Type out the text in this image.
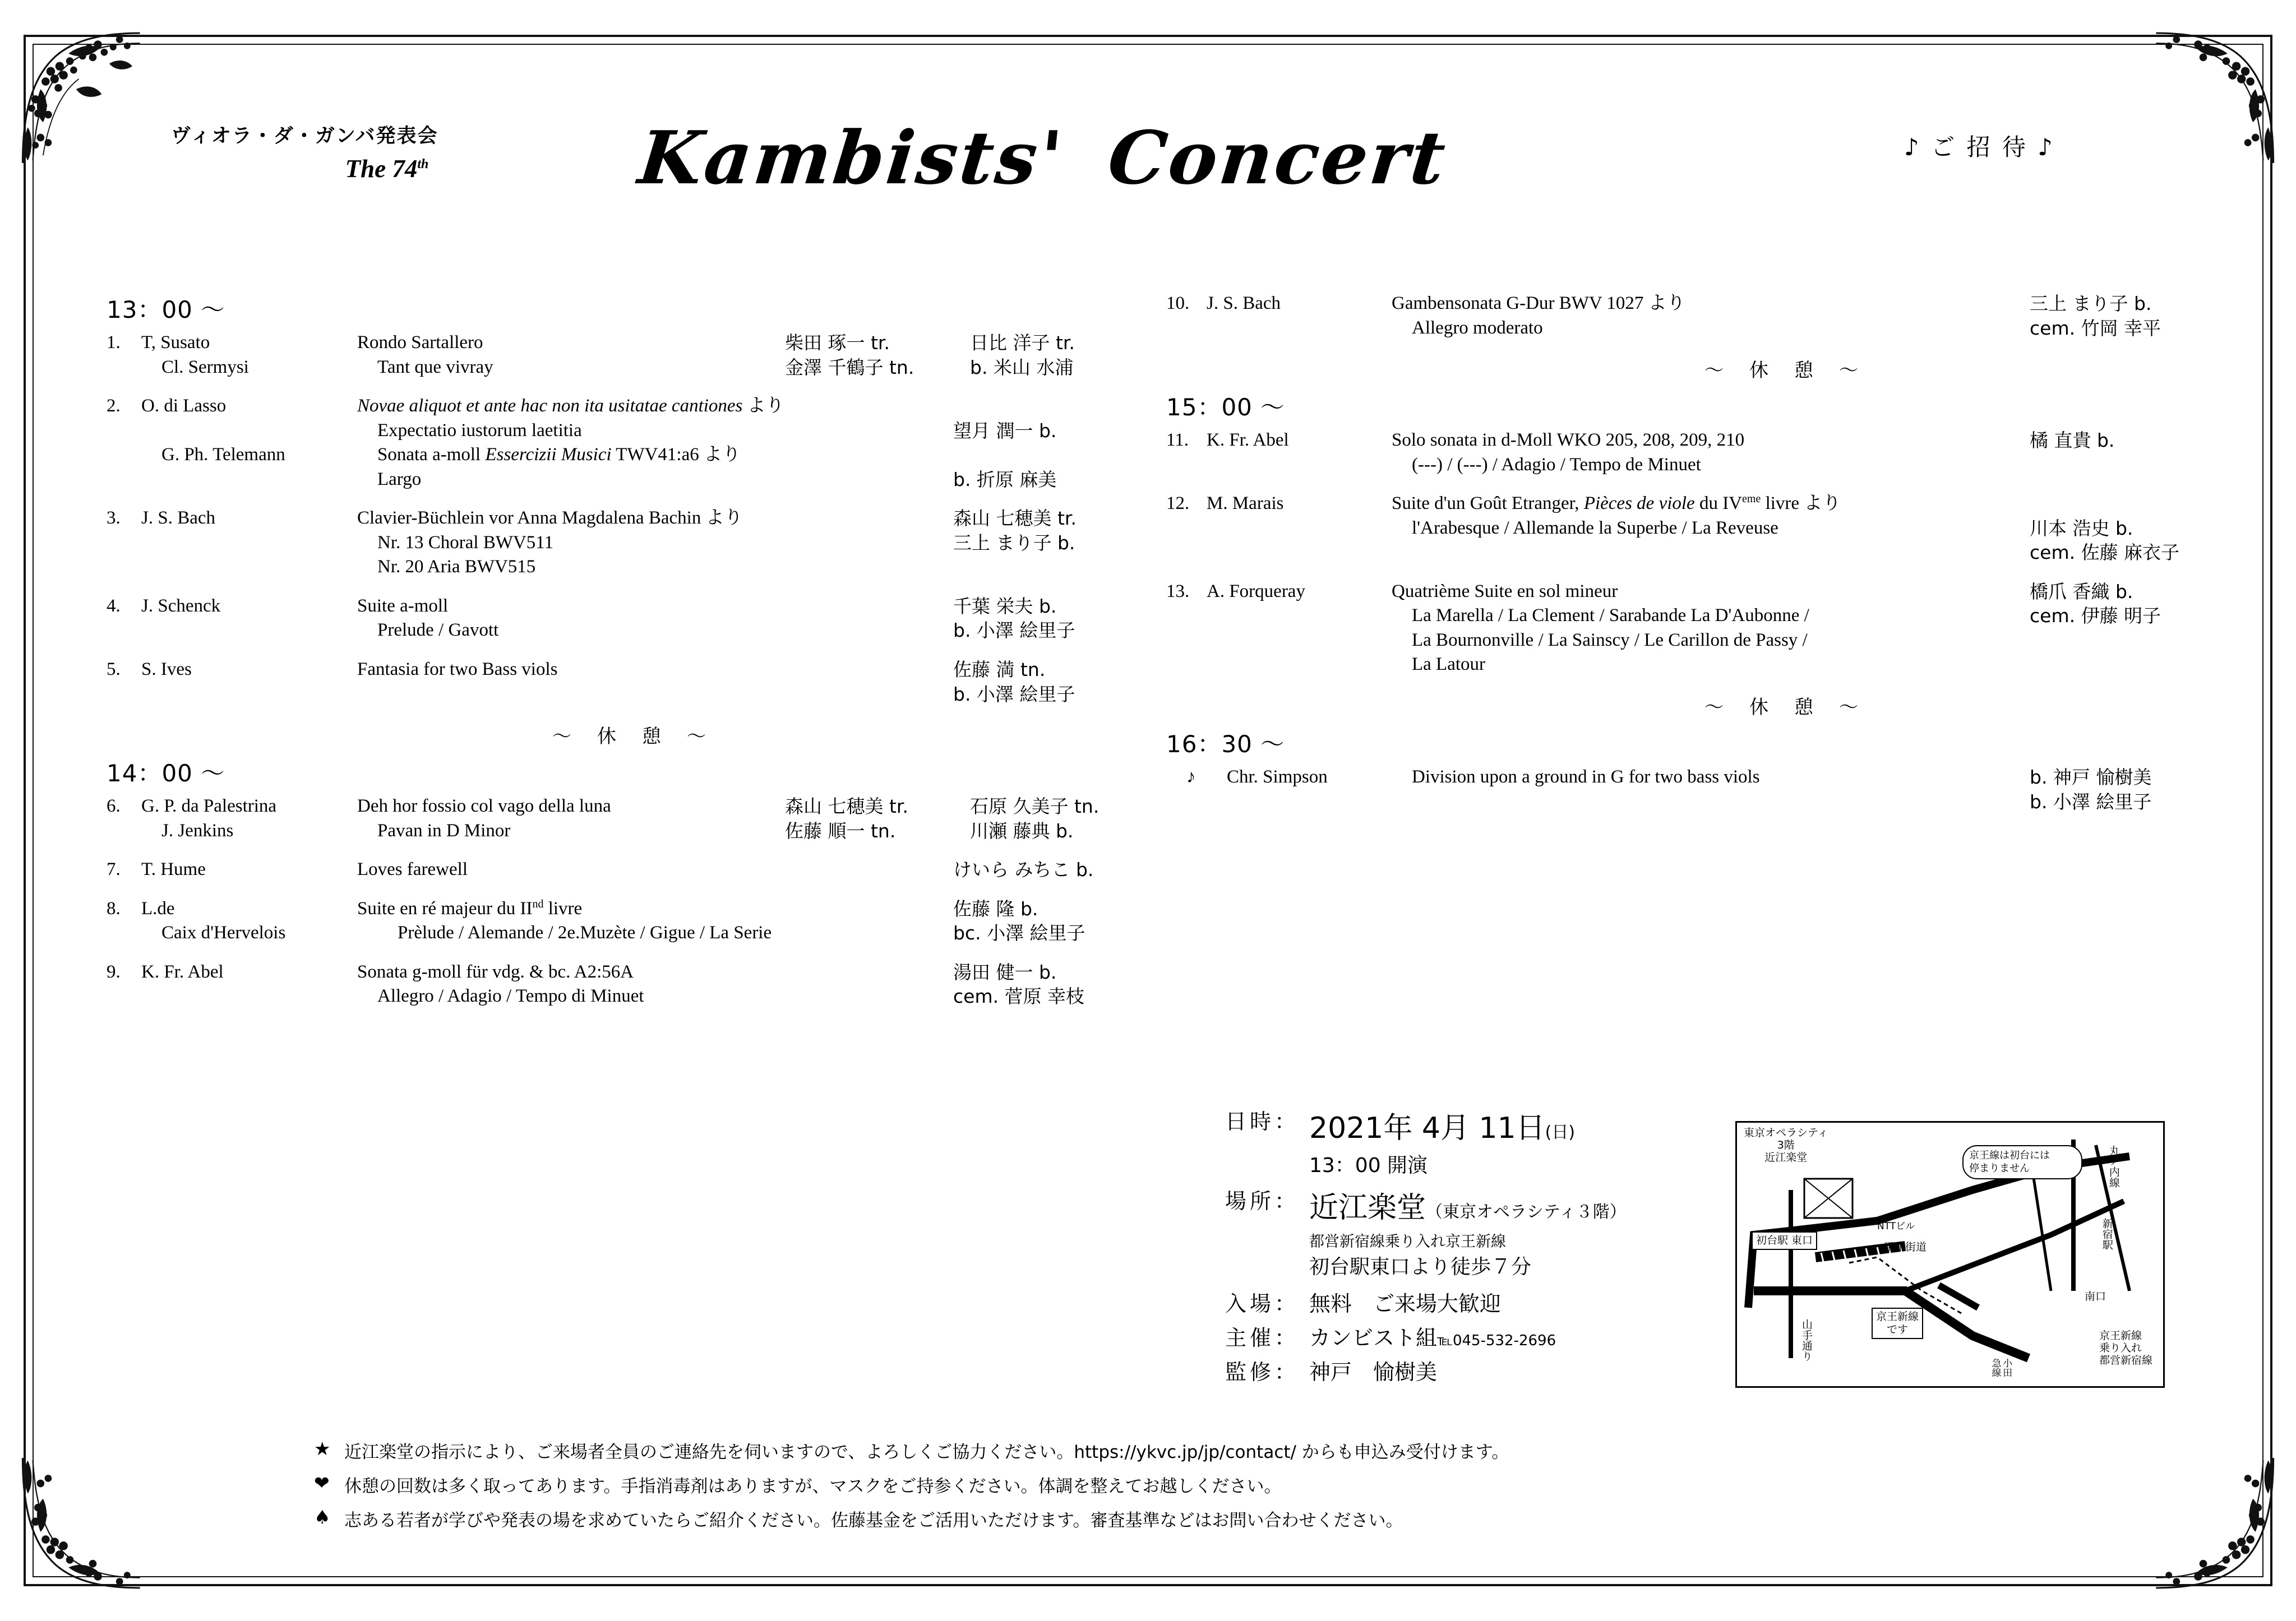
ヴィオラ・ダ・ガンバ発表会
The 74th	Kambists' Concert	♪ ご 招 待 ♪
13：00 ～
1.	T, Susato	Rondo Sartallero	柴田 琢一 tr.	日比 洋子 tr.
Cl. Sermysi	Tant que vivray	金澤 千鶴子 tn.	b. 米山 水浦
2.	O. di Lasso	Novae aliquot et ante hac non ita usitatae cantiones より
Expectatio iustorum laetitia	望月 潤一 b.
G. Ph. Telemann	Sonata a-moll Essercizii Musici TWV41:a6 より
Largo	b. 折原 麻美
3.	J. S. Bach	Clavier-Büchlein vor Anna Magdalena Bachin より	森山 七穂美 tr.
Nr. 13 Choral BWV511	三上 まり子 b.
Nr. 20 Aria BWV515
4.	J. Schenck	Suite a-moll	千葉 栄夫 b.
Prelude / Gavott	b. 小澤 絵里子
5.	S. Ives	Fantasia for two Bass viols	佐藤 満 tn.
b. 小澤 絵里子
～　休　憩　～
14：00 ～
6.	G. P. da Palestrina	Deh hor fossio col vago della luna	森山 七穂美 tr.	石原 久美子 tn.
J. Jenkins	Pavan in D Minor	佐藤 順一 tn.	川瀬 藤典 b.
7.	T. Hume	Loves farewell	けいら みちこ b.
8.	L.de	Suite en ré majeur du IInd livre	佐藤 隆 b.
Caix d'Hervelois	Prèlude / Alemande / 2e.Muzète / Gigue / La Serie	bc. 小澤 絵里子
9.	K. Fr. Abel	Sonata g-moll für vdg. & bc. A2:56A	湯田 健一 b.
Allegro / Adagio / Tempo di Minuet	cem. 菅原 幸枝
10. J. S. Bach	Gambensonata G-Dur BWV 1027 より	三上 まり子 b.
Allegro moderato	cem. 竹岡 幸平
～　休　憩　～
15：00 ～
11. K. Fr. Abel	Solo sonata in d-Moll WKO 205, 208, 209, 210	橘 直貴 b.
(---) / (---) / Adagio / Tempo de Minuet
12. M. Marais	Suite d'un Goût Etranger, Pièces de viole du IVeme livre より
l'Arabesque / Allemande la Superbe / La Reveuse	川本 浩史 b.
cem. 佐藤 麻衣子
13. A. Forqueray	Quatrième Suite en sol mineur	橋爪 香織 b.
La Marella / La Clement / Sarabande La D'Aubonne /	cem. 伊藤 明子
La Bournonville / La Sainscy / Le Carillon de Passy /
La Latour
～　休　憩　～
16：30 ～
♪	Chr. Simpson	Division upon a ground in G for two bass viols	b. 神戸 愉樹美
b. 小澤 絵里子
日時： 2021年 4月 11日(日)
13：00 開演
場所： 近江楽堂（東京オペラシティ３階）
都営新宿線乗り入れ京王新線
初台駅東口より徒歩７分
入場： 無料　ご来場大歓迎
主催： カンビスト組℡045-532-2696
監修： 神戸　愉樹美
東京オペラシティ

3階
近江楽堂
初台駅 東口
NTTビル
甲州街道
京王新線
です
京王線は初台には
停まりません	丸ノ内線
新宿駅
南口
山手通り	京王新線
乗り入れ
都営新宿線
小田急線
★ 近江楽堂の指示により、ご来場者全員のご連絡先を伺いますので、よろしくご協力ください。https://ykvc.jp/jp/contact/ からも申込み受付けます。
❤ 休憩の回数は多く取ってあります。手指消毒剤はありますが、マスクをご持参ください。体調を整えてお越しください。
♠ 志ある若者が学びや発表の場を求めていたらご紹介ください。佐藤基金をご活用いただけます。審査基準などはお問い合わせください。
